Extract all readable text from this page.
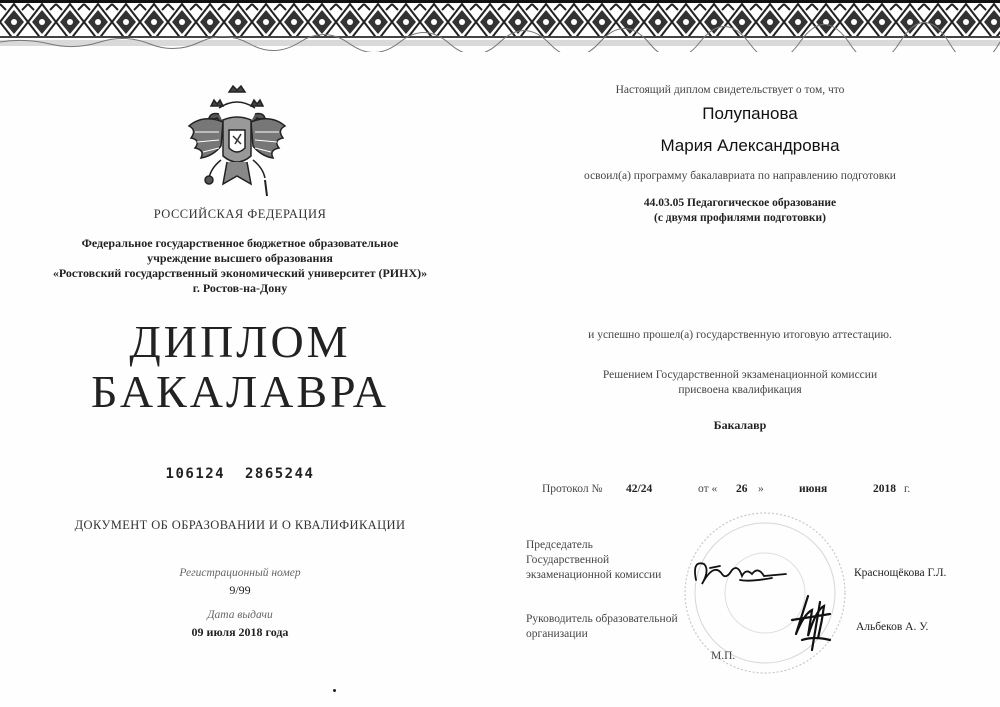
РОССИЙСКАЯ ФЕДЕРАЦИЯ
Федеральное государственное бюджетное образовательное
учреждение высшего образования
«Ростовский государственный экономический университет (РИНХ)»
г. Ростов-на-Дону
ДИПЛОМ
БАКАЛАВРА
106124  2865244
ДОКУМЕНТ ОБ ОБРАЗОВАНИИ И О КВАЛИФИКАЦИИ
Регистрационный номер
9/99
Дата выдачи
09 июля 2018 года
Настоящий диплом свидетельствует о том, что
Полупанова
Мария Александровна
освоил(а) программу бакалавриата по направлению подготовки
44.03.05 Педагогическое образование
(с двумя профилями подготовки)
и успешно прошел(а) государственную итоговую аттестацию.
Решением Государственной экзаменационной комиссии
присвоена квалификация
Бакалавр
Протокол № 42/24	от « 26 »	июня	2018 г.
Председатель
Государственной
экзаменационной комиссии	Краснощёкова Г.Л.
Руководитель образовательной
организации
Альбеков А. У.
М.П.
